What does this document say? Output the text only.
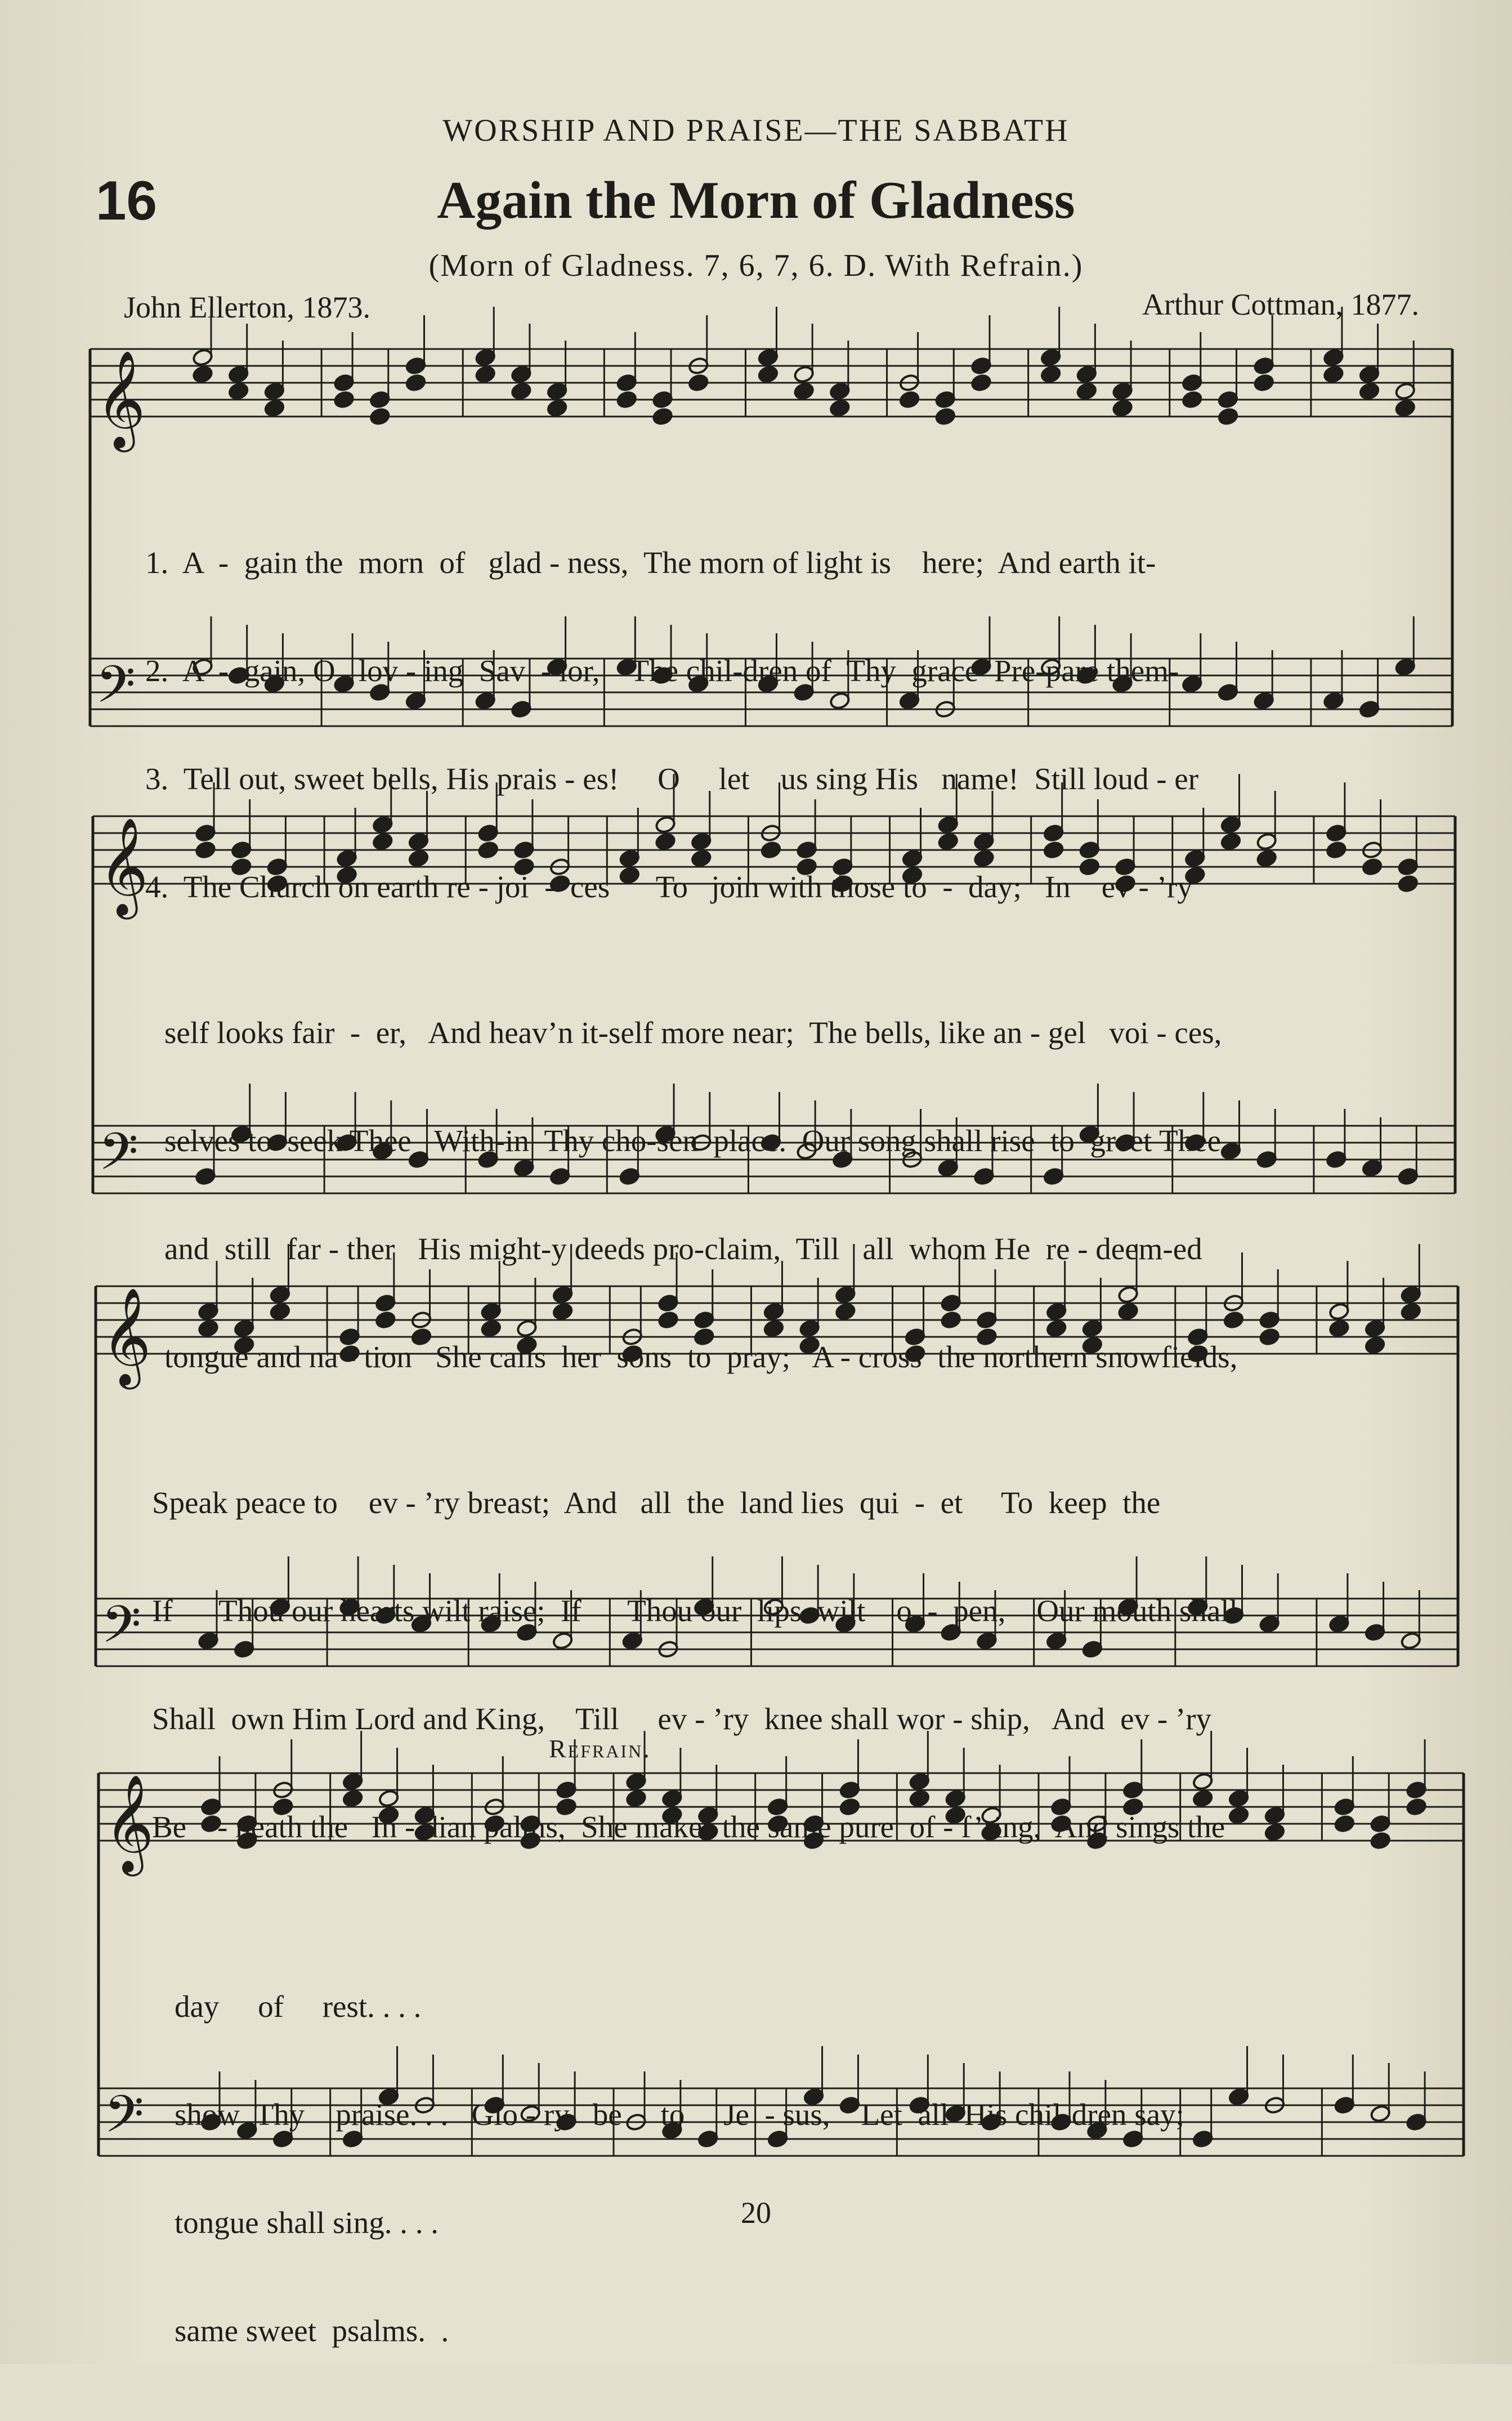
WORSHIP AND PRAISE—THE SABBATH
16	Again the Morn of Gladness
(Morn of Gladness. 7, 6, 7, 6. D. With Refrain.)
John Ellerton, 1873.	Arthur Cottman, 1877.
𝄞
𝄢
𝄞
𝄢
𝄞
𝄢
𝄞
𝄢

1.  A  -  gain the  morn  of   glad - ness,  The morn of light is    here;  And earth it-

2.  A  -  gain, O   lov - ing  Sav  - ior,    The chil-dren of  Thy  grace  Pre-pare them-

3.  Tell out, sweet bells, His prais - es!     O     let    us sing His   name!  Still loud - er

4.  The Church on earth re - joi  -  ces      To   join with those to  -  day;   In    ev - ’ry

self looks fair  -  er,   And heav’n it-self more near;  The bells, like an - gel   voi - ces,

selves to  seek Thee   With-in  Thy cho-sen  place.  Our song shall rise  to  greet Thee,

and  still  far - ther   His might-y deeds pro-claim,  Till   all  whom He  re - deem-ed

tongue and na - tion   She calls  her  sons  to  pray;   A - cross  the northern snowfields,

Speak peace to    ev - ’ry breast;  And   all  the  land lies  qui  -  et     To  keep  the

If      Thou our hearts wilt raise;  If      Thou our  lips  wilt    o  -  pen,    Our mouth shall

Shall  own Him Lord and King,    Till     ev - ’ry  knee shall wor - ship,   And  ev - ’ry

Be    - neath the   In - dian palms,  She makes the same pure  of - f’ring,  And sings the

Refrain.

day     of     rest. . . .

show  Thy    praise. . .   Glo - ry   be     to     Je  - sus,    Let  all  His chil-dren say;

tongue shall sing. . . .

same sweet  psalms.  .

20
